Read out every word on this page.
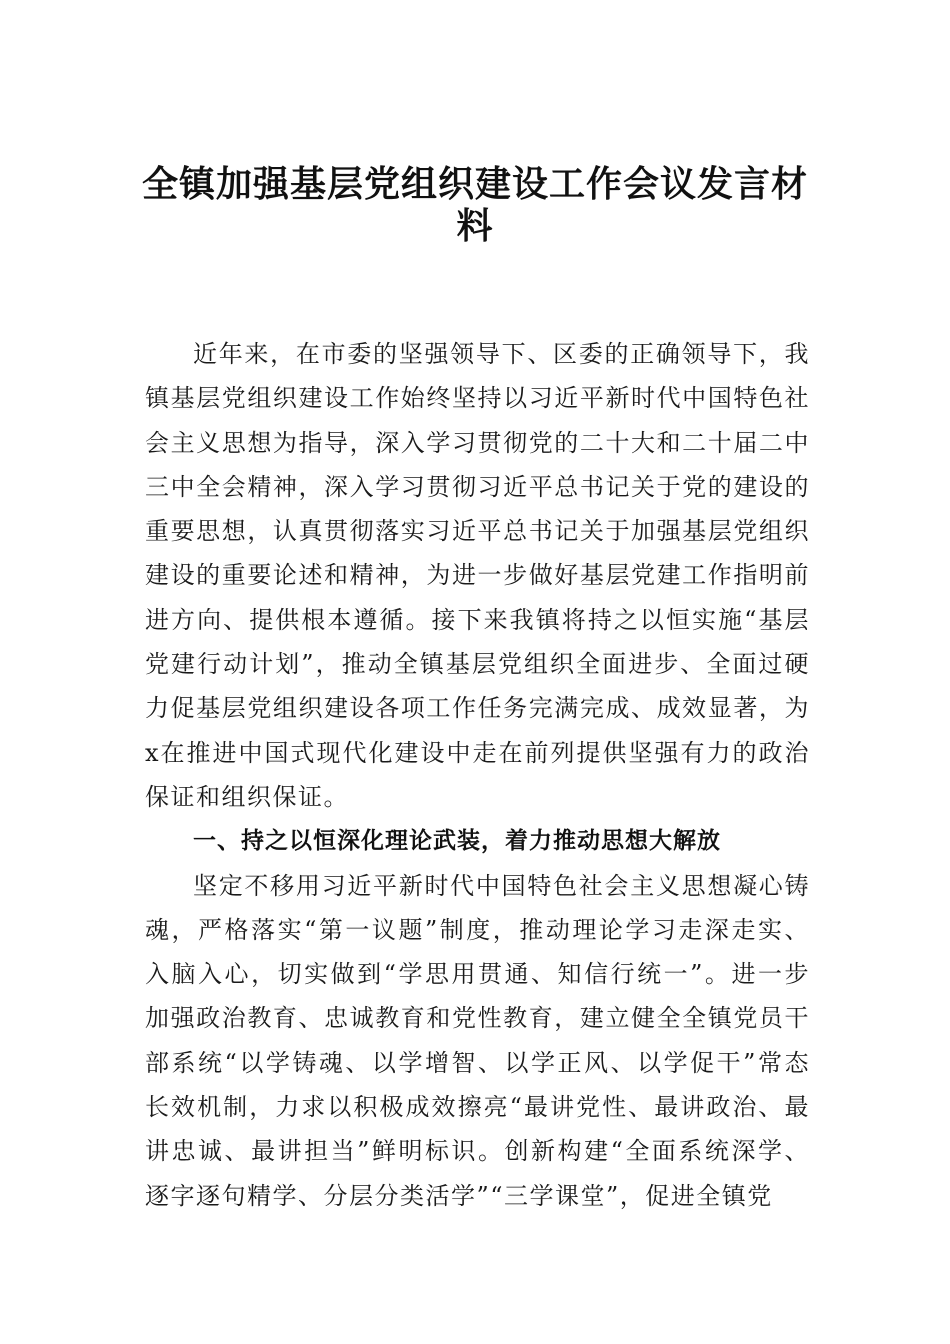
全镇加强基层党组织建设工作会议发言材
料

近年来，在市委的坚强领导下、区委的正确领导下，我镇基层党组织建设工作始终坚持以习近平新时代中国特色社会主义思想为指导，深入学习贯彻党的二十大和二十届二中三中全会精神，深入学习贯彻习近平总书记关于党的建设的重要思想，认真贯彻落实习近平总书记关于加强基层党组织建设的重要论述和精神，为进一步做好基层党建工作指明前进方向、提供根本遵循。接下来我镇将持之以恒实施“基层党建行动计划”，推动全镇基层党组织全面进步、全面过硬力促基层党组织建设各项工作任务完满完成、成效显著，为x在推进中国式现代化建设中走在前列提供坚强有力的政治保证和组织保证。

一、持之以恒深化理论武装，着力推动思想大解放

坚定不移用习近平新时代中国特色社会主义思想凝心铸魂，严格落实“第一议题”制度，推动理论学习走深走实、入脑入心，切实做到“学思用贯通、知信行统一”。进一步加强政治教育、忠诚教育和党性教育，建立健全全镇党员干部系统“以学铸魂、以学增智、以学正风、以学促干”常态长效机制，力求以积极成效擦亮“最讲党性、最讲政治、最讲忠诚、最讲担当”鲜明标识。创新构建“全面系统深学、逐字逐句精学、分层分类活学”“三学课堂”，促进全镇党
